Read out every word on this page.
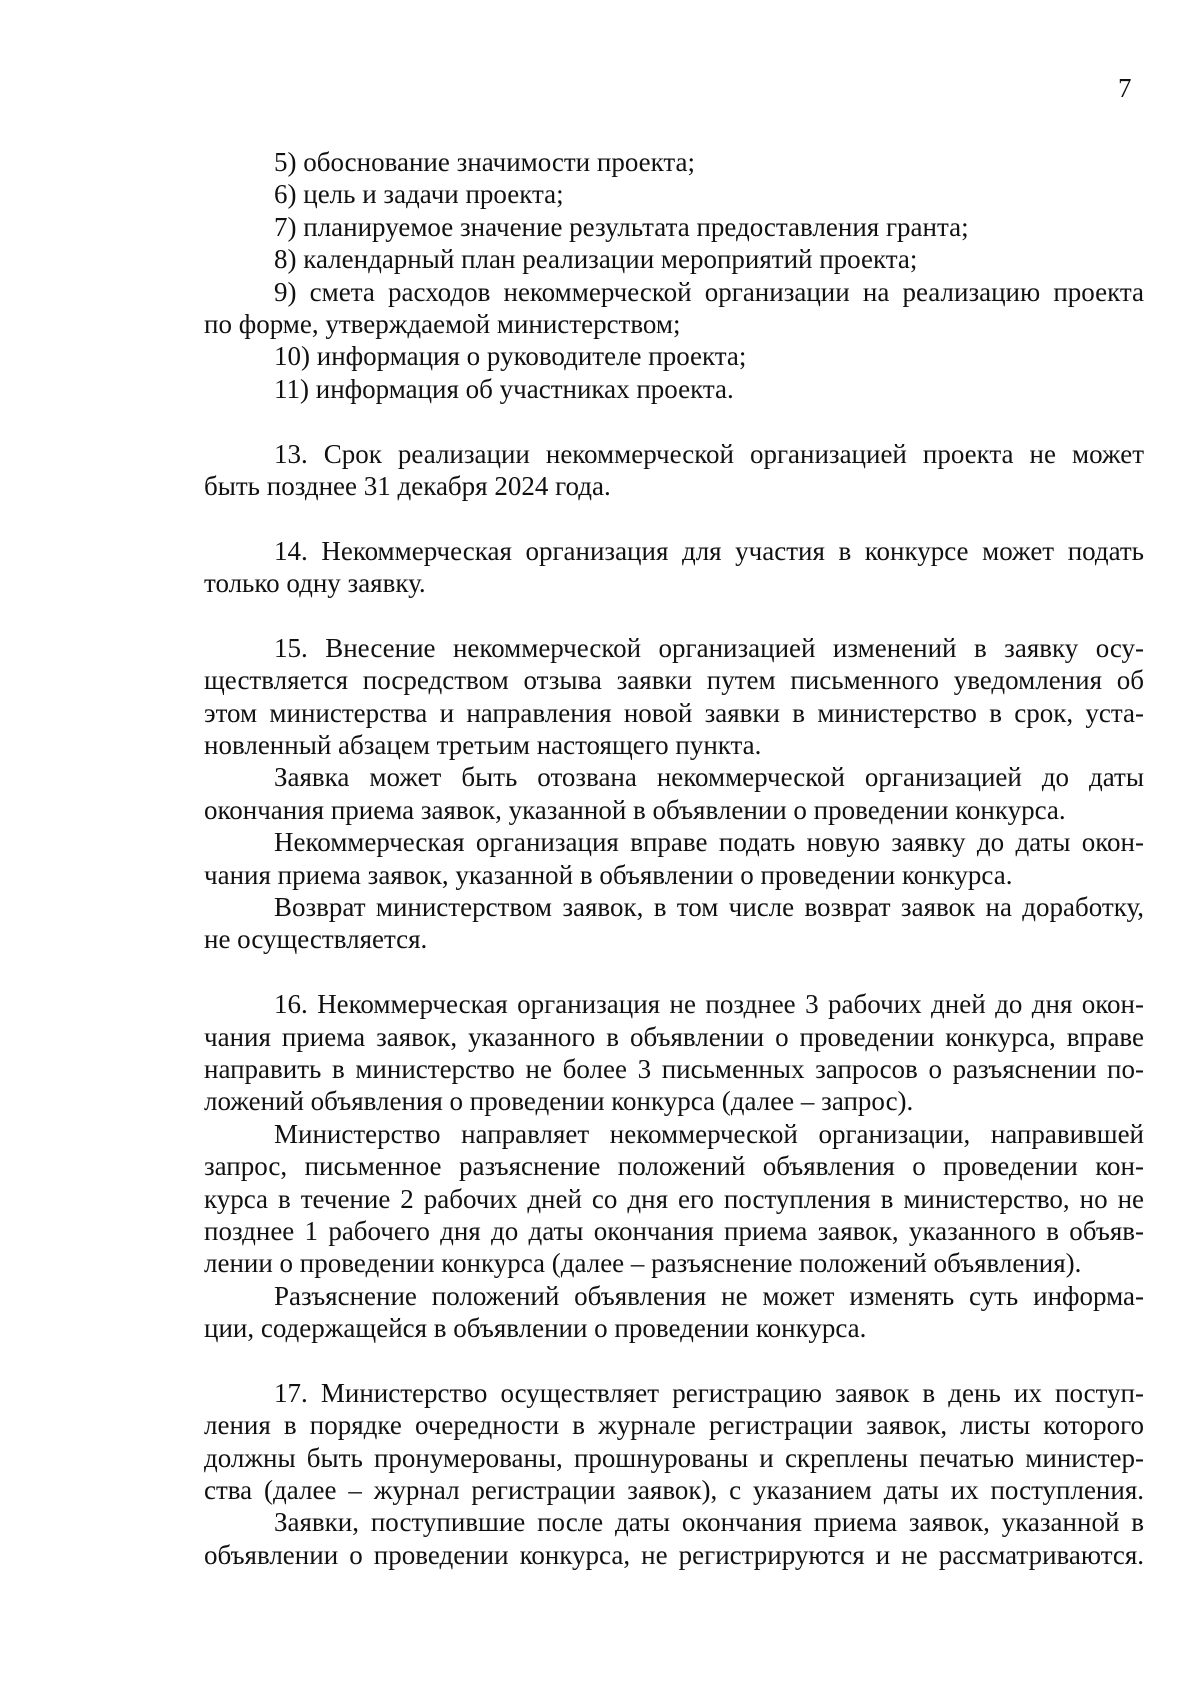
7
5) обоснование значимости проекта;
6) цель и задачи проекта;
7) планируемое значение результата предоставления гранта;
8) календарный план реализации мероприятий проекта;
9) смета расходов некоммерческой организации на реализацию проекта
по форме, утверждаемой министерством;
10) информация о руководителе проекта;
11) информация об участниках проекта.
13. Срок реализации некоммерческой организацией проекта не может
быть позднее 31 декабря 2024 года.
14. Некоммерческая организация для участия в конкурсе может подать
только одну заявку.
15. Внесение некоммерческой организацией изменений в заявку осу-
ществляется посредством отзыва заявки путем письменного уведомления об
этом министерства и направления новой заявки в министерство в срок, уста-
новленный абзацем третьим настоящего пункта.
Заявка может быть отозвана некоммерческой организацией до даты
окончания приема заявок, указанной в объявлении о проведении конкурса.
Некоммерческая организация вправе подать новую заявку до даты окон-
чания приема заявок, указанной в объявлении о проведении конкурса.
Возврат министерством заявок, в том числе возврат заявок на доработку,
не осуществляется.
16. Некоммерческая организация не позднее 3 рабочих дней до дня окон-
чания приема заявок, указанного в объявлении о проведении конкурса, вправе
направить в министерство не более 3 письменных запросов о разъяснении по-
ложений объявления о проведении конкурса (далее – запрос).
Министерство направляет некоммерческой организации, направившей
запрос, письменное разъяснение положений объявления о проведении кон-
курса в течение 2 рабочих дней со дня его поступления в министерство, но не
позднее 1 рабочего дня до даты окончания приема заявок, указанного в объяв-
лении о проведении конкурса (далее – разъяснение положений объявления).
Разъяснение положений объявления не может изменять суть информа-
ции, содержащейся в объявлении о проведении конкурса.
17. Министерство осуществляет регистрацию заявок в день их поступ-
ления в порядке очередности в журнале регистрации заявок, листы которого
должны быть пронумерованы, прошнурованы и скреплены печатью министер-
ства (далее – журнал регистрации заявок), с указанием даты их поступления.
Заявки, поступившие после даты окончания приема заявок, указанной в
объявлении о проведении конкурса, не регистрируются и не рассматриваются.
